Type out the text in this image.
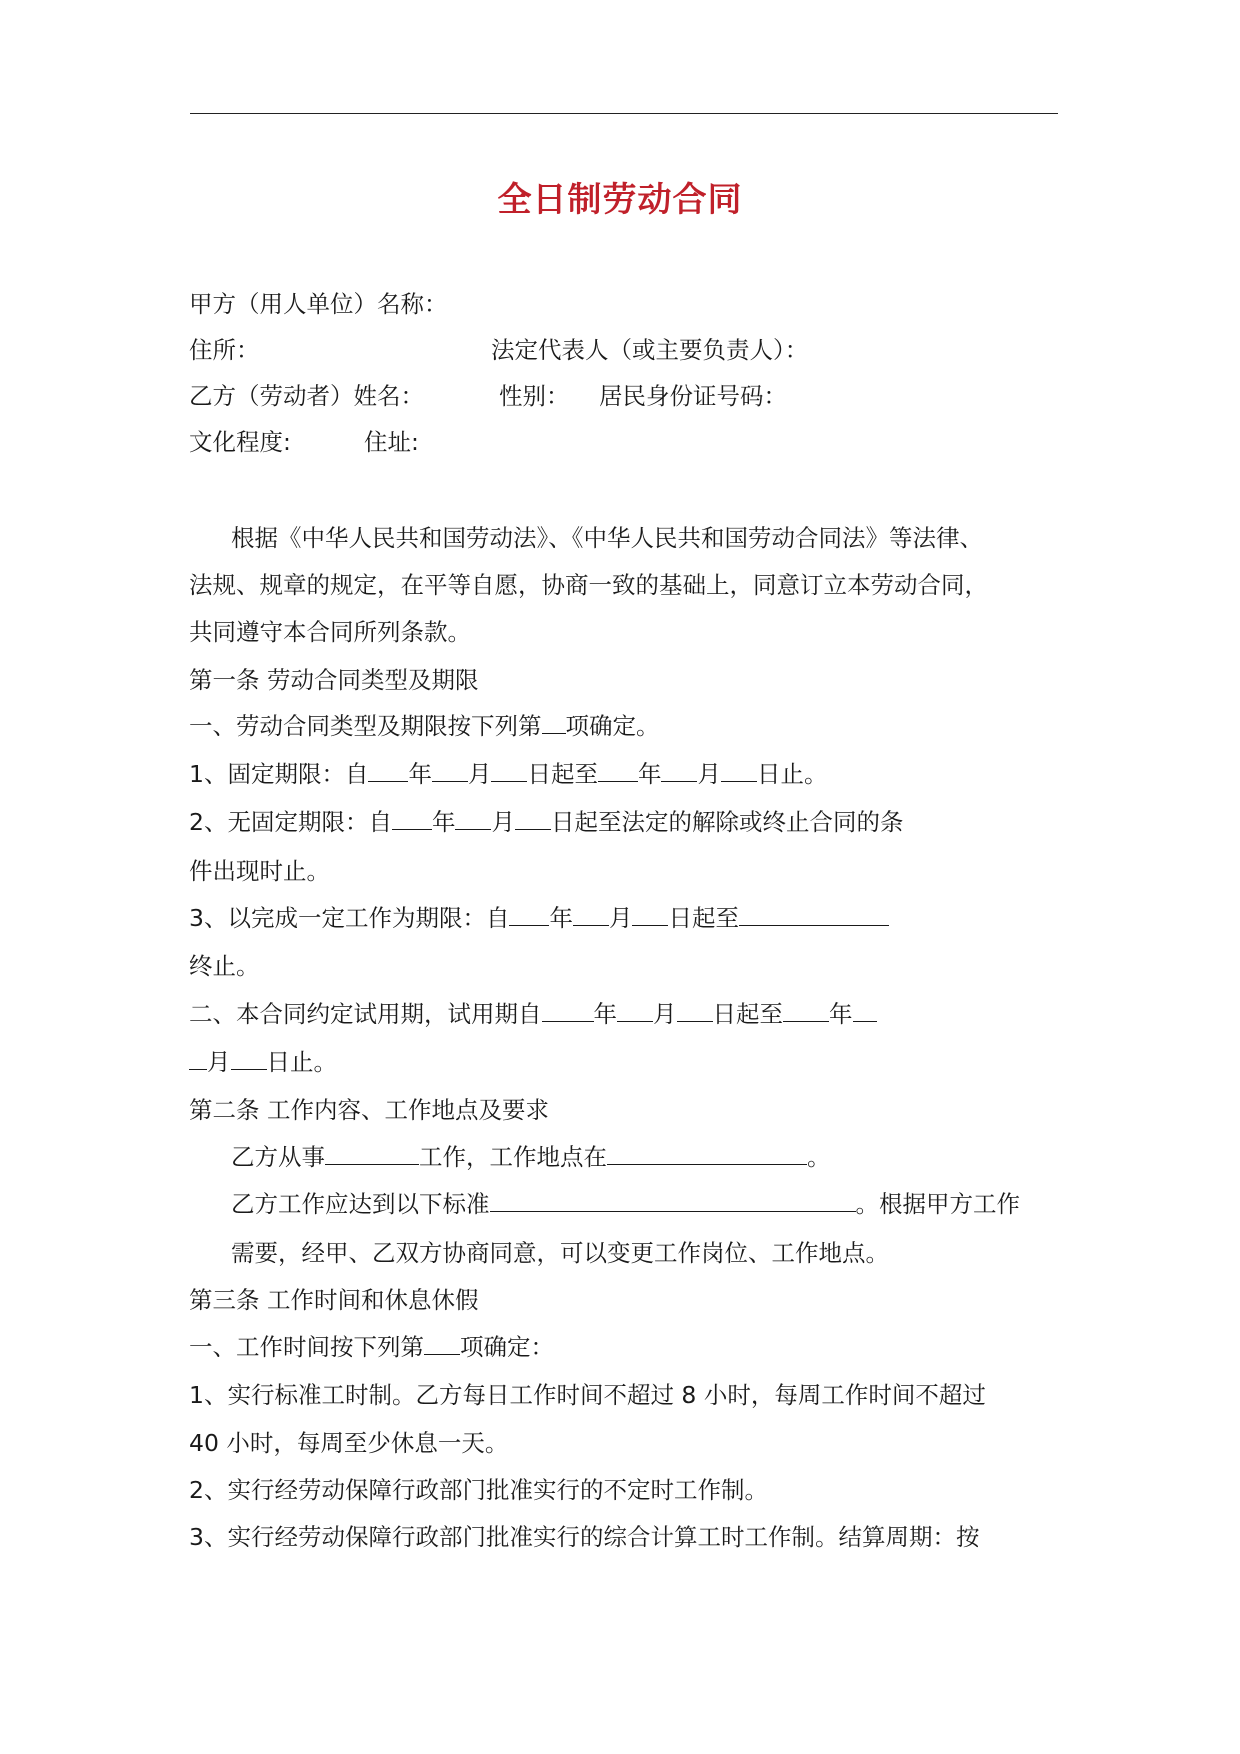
全日制劳动合同
甲方（用人单位）名称：
住所：	法定代表人（或主要负责人）：
乙方（劳动者）姓名：	性别： 居民身份证号码：
文化程度:	住址:
根据《中华人民共和国劳动法》、《中华人民共和国劳动合同法》等法律、
法规、规章的规定，在平等自愿，协商一致的基础上，同意订立本劳动合同，
共同遵守本合同所列条款。
第一条 劳动合同类型及期限
一、劳动合同类型及期限按下列第 项确定。
1、固定期限：自 年 月 日起至 年 月 日止。
2、无固定期限：自 年 月 日起至法定的解除或终止合同的条
件出现时止。
3、以完成一定工作为期限：自 年 月 日起至
终止。
二、本合同约定试用期，试用期自 年 月 日起至 年
月 日止。
第二条 工作内容、工作地点及要求
乙方从事	工作，工作地点在	。
乙方工作应达到以下标准	。根据甲方工作
需要，经甲、乙双方协商同意，可以变更工作岗位、工作地点。
第三条 工作时间和休息休假
一、工作时间按下列第 项确定：
1、实行标准工时制。乙方每日工作时间不超过 8 小时，每周工作时间不超过
40 小时，每周至少休息一天。
2、实行经劳动保障行政部门批准实行的不定时工作制。
3、实行经劳动保障行政部门批准实行的综合计算工时工作制。结算周期：按
